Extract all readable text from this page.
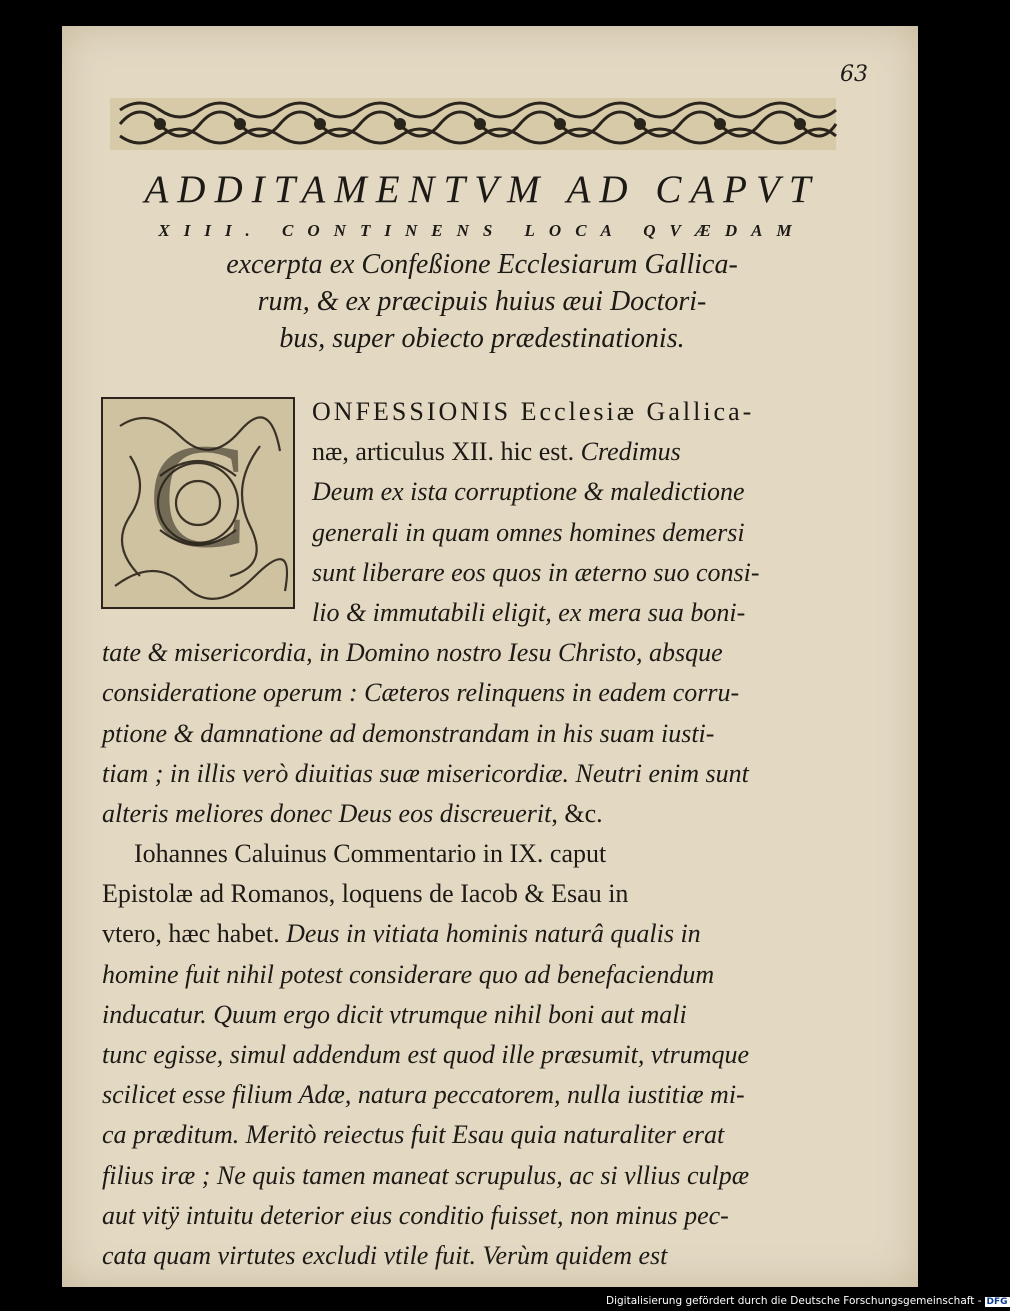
63
ADDITAMENTVM AD CAPVT
XIII. CONTINENS LOCA QVÆDAM
excerpta ex Confeßione Ecclesiarum Gallica-
rum, & ex præcipuis huius æui Doctori-
bus, super obiecto prædestinationis.
C
ONFESSIONIS Ecclesiæ Gallica-
næ, articulus XII. hic est. Credimus
Deum ex ista corruptione & maledictione
generali in quam omnes homines demersi
sunt liberare eos quos in æterno suo consi-
lio & immutabili eligit, ex mera sua boni-
tate & misericordia, in Domino nostro Iesu Christo, absque
consideratione operum : Cæteros relinquens in eadem corru-
ptione & damnatione ad demonstrandam in his suam iusti-
tiam ; in illis verò diuitias suæ misericordiæ. Neutri enim sunt
alteris meliores donec Deus eos discreuerit, &c.
Iohannes Caluinus Commentario in IX. caput
Epistolæ ad Romanos, loquens de Iacob & Esau in
vtero, hæc habet. Deus in vitiata hominis naturâ qualis in
homine fuit nihil potest considerare quo ad benefaciendum
inducatur. Quum ergo dicit vtrumque nihil boni aut mali
tunc egisse, simul addendum est quod ille præsumit, vtrumque
scilicet esse filium Adæ, natura peccatorem, nulla iustitiæ mi-
ca præditum. Meritò reiectus fuit Esau quia naturaliter erat
filius iræ ; Ne quis tamen maneat scrupulus, ac si vllius culpæ
aut vitÿ intuitu deterior eius conditio fuisset, non minus pec-
cata quam virtutes excludi vtile fuit. Verùm quidem est
Digitalisierung gefördert durch die Deutsche Forschungsgemeinschaft - DFG
